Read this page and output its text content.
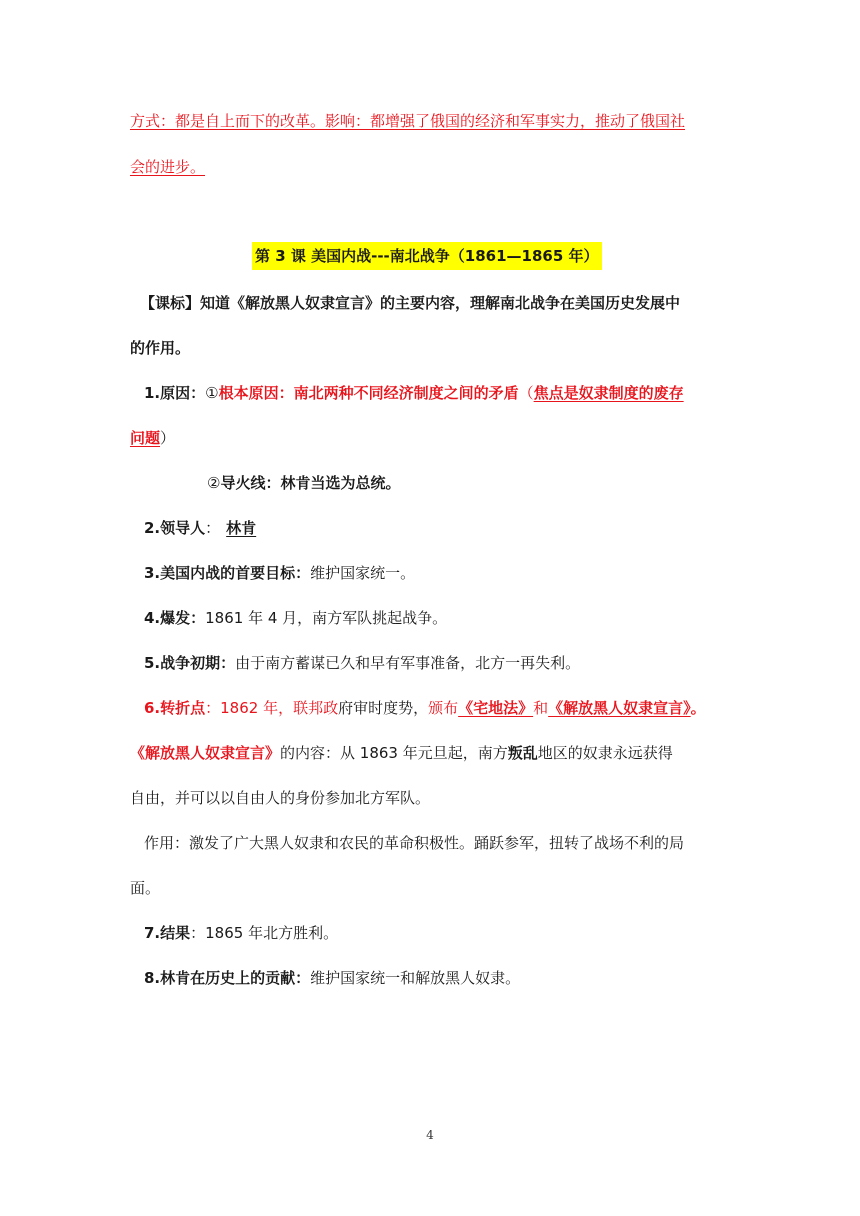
方式：都是自上而下的改革。影响：都增强了俄国的经济和军事实力，推动了俄国社
会的进步。
第 3 课 美国内战---南北战争（1861—1865 年）
【课标】知道《解放黑人奴隶宣言》的主要内容，理解南北战争在美国历史发展中
的作用。
1.原因：①根本原因：南北两种不同经济制度之间的矛盾（焦点是奴隶制度的废存
问题）
②导火线：林肯当选为总统。
2.领导人： 林肯
3.美国内战的首要目标：维护国家统一。
4.爆发：1861 年 4 月，南方军队挑起战争。
5.战争初期：由于南方蓄谋已久和早有军事准备，北方一再失利。
6.转折点：1862 年，联邦政府审时度势，颁布《宅地法》和《解放黑人奴隶宣言》。
《解放黑人奴隶宣言》的内容：从 1863 年元旦起，南方叛乱地区的奴隶永远获得
自由，并可以以自由人的身份参加北方军队。
作用：激发了广大黑人奴隶和农民的革命积极性。踊跃参军，扭转了战场不利的局
面。
7.结果：1865 年北方胜利。
8.林肯在历史上的贡献：维护国家统一和解放黑人奴隶。
4
